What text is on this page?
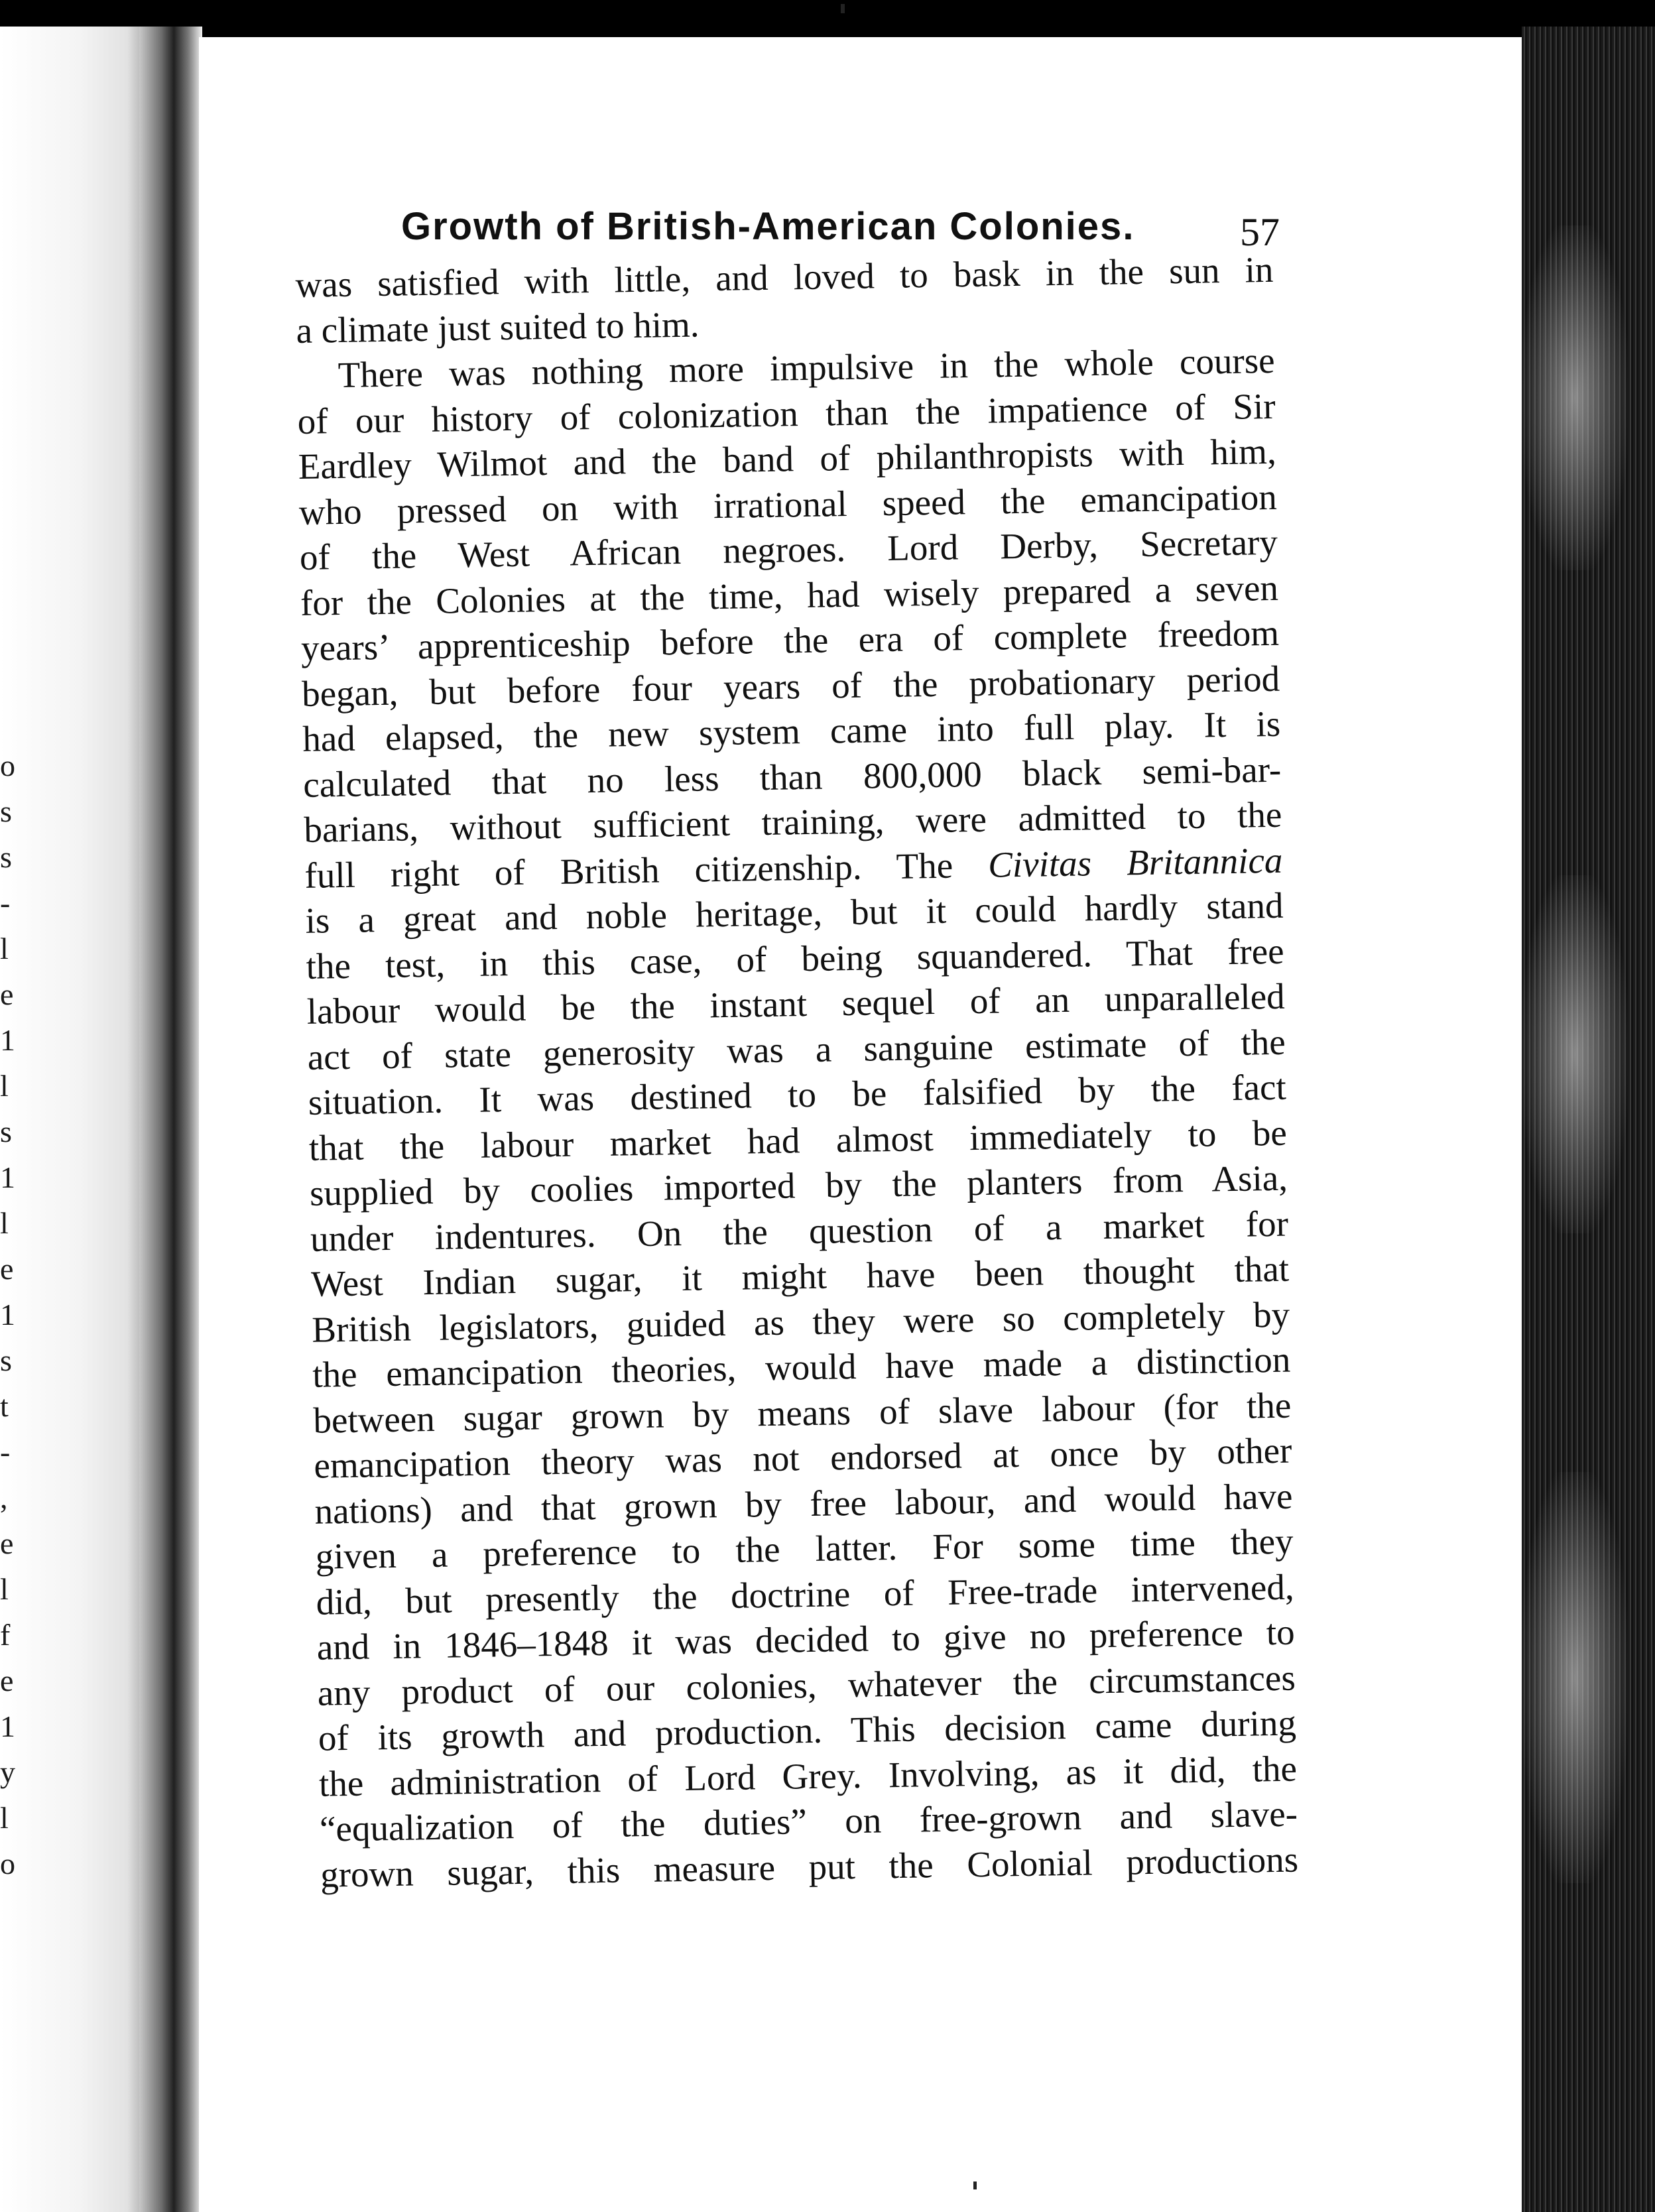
o
s
s
-
l
e
1
l
s
1
l
e
1
s
t
-
,
e
l
f
e
1
y
l
o
Growth of British-American Colonies.	57
was satisfied with little, and loved to bask in the sun in
a climate just suited to him.
There was nothing more impulsive in the whole course
of our history of colonization than the impatience of Sir
Eardley Wilmot and the band of philanthropists with him,
who pressed on with irrational speed the emancipation
of the West African negroes. Lord Derby, Secretary
for the Colonies at the time, had wisely prepared a seven
years’ apprenticeship before the era of complete freedom
began, but before four years of the probationary period
had elapsed, the new system came into full play. It is
calculated that no less than 800,000 black semi-bar-
barians, without sufficient training, were admitted to the
full right of British citizenship. The Civitas Britannica
is a great and noble heritage, but it could hardly stand
the test, in this case, of being squandered. That free
labour would be the instant sequel of an unparalleled
act of state generosity was a sanguine estimate of the
situation. It was destined to be falsified by the fact
that the labour market had almost immediately to be
supplied by coolies imported by the planters from Asia,
under indentures. On the question of a market for
West Indian sugar, it might have been thought that
British legislators, guided as they were so completely by
the emancipation theories, would have made a distinction
between sugar grown by means of slave labour (for the
emancipation theory was not endorsed at once by other
nations) and that grown by free labour, and would have
given a preference to the latter. For some time they
did, but presently the doctrine of Free-trade intervened,
and in 1846–1848 it was decided to give no preference to
any product of our colonies, whatever the circumstances
of its growth and production. This decision came during
the administration of Lord Grey. Involving, as it did, the
“equalization of the duties” on free-grown and slave-
grown sugar, this measure put the Colonial productions
